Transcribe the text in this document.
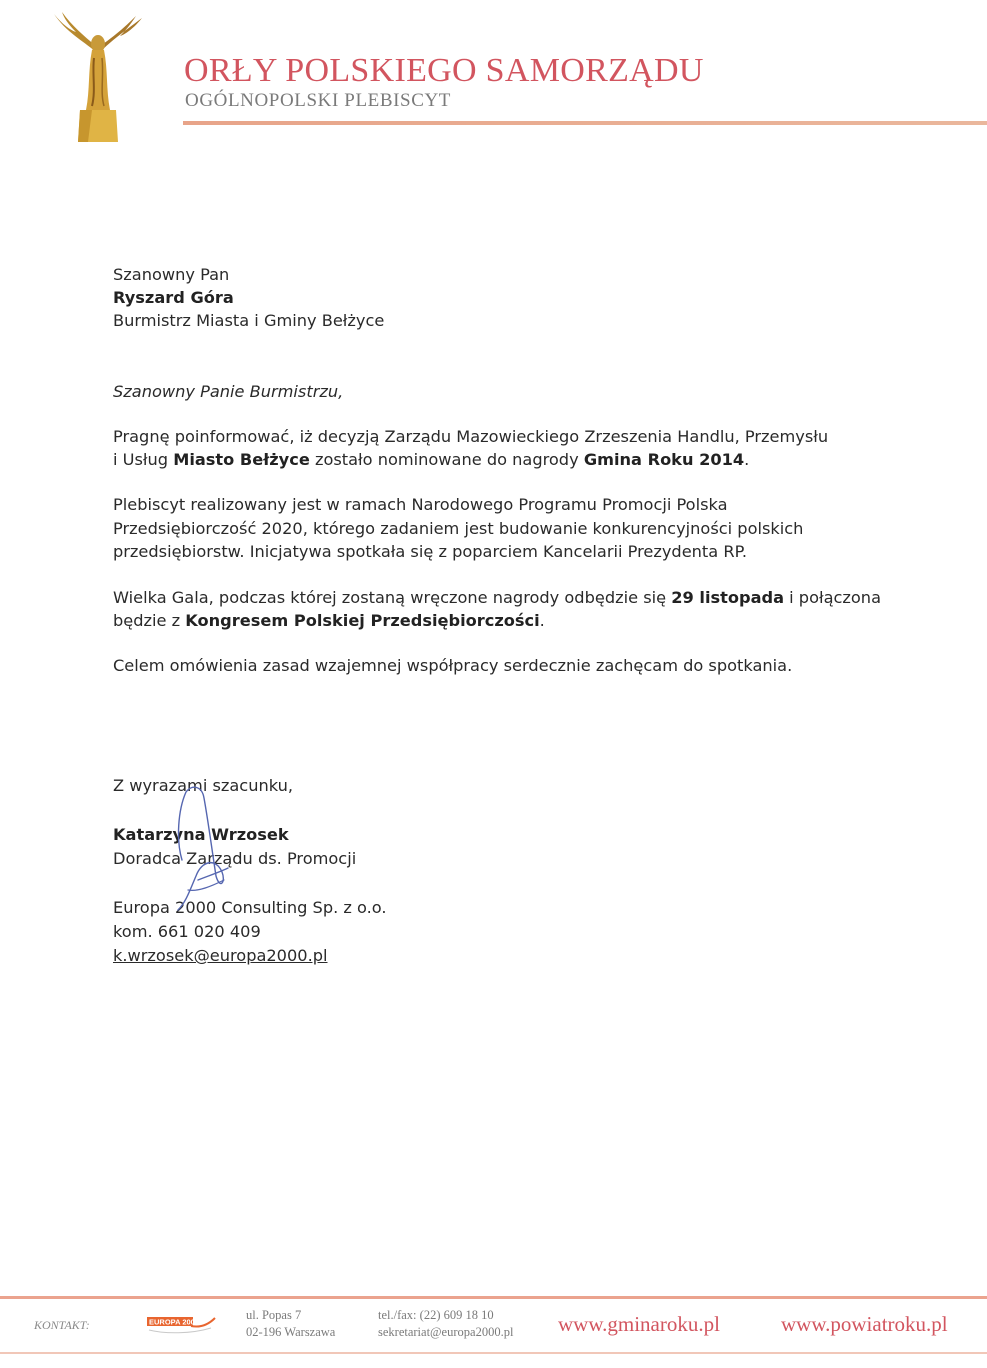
ORŁY POLSKIEGO SAMORZĄDU
OGÓLNOPOLSKI PLEBISCYT
Szanowny Pan
Ryszard Góra
Burmistrz Miasta i Gminy Bełżyce
Szanowny Panie Burmistrzu,
Pragnę poinformować, iż decyzją Zarządu Mazowieckiego Zrzeszenia Handlu, Przemysłu
i Usług Miasto Bełżyce zostało nominowane do nagrody Gmina Roku 2014.
Plebiscyt realizowany jest w ramach Narodowego Programu Promocji Polska
Przedsiębiorczość 2020, którego zadaniem jest budowanie konkurencyjności polskich
przedsiębiorstw. Inicjatywa spotkała się z poparciem Kancelarii Prezydenta RP.
Wielka Gala, podczas której zostaną wręczone nagrody odbędzie się 29 listopada i połączona
będzie z Kongresem Polskiej Przedsiębiorczości.
Celem omówienia zasad wzajemnej współpracy serdecznie zachęcam do spotkania.
Z wyrazami szacunku,
Katarzyna Wrzosek
Doradca Zarządu ds. Promocji
Europa 2000 Consulting Sp. z o.o.
kom. 661 020 409
k.wrzosek@europa2000.pl
KONTAKT:	EUROPA 2000	ul. Popas 7
02-196 Warszawa
tel./fax: (22) 609 18 10
sekretariat@europa2000.pl www.gminaroku.pl	www.powiatroku.pl
